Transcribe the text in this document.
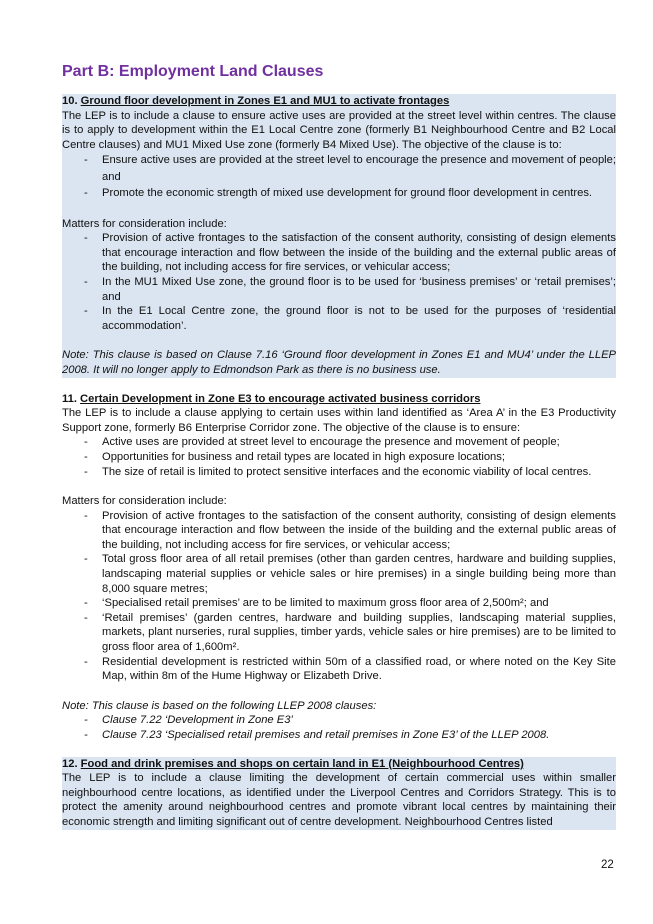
Part B: Employment Land Clauses
10. Ground floor development in Zones E1 and MU1 to activate frontages

The LEP is to include a clause to ensure active uses are provided at the street level within centres. The clause is to apply to development within the E1 Local Centre zone (formerly B1 Neighbourhood Centre and B2 Local Centre clauses) and MU1 Mixed Use zone (formerly B4 Mixed Use). The objective of the clause is to:

- Ensure active uses are provided at the street level to encourage the presence and movement of people; and
- Promote the economic strength of mixed use development for ground floor development in centres.

Matters for consideration include:

- Provision of active frontages to the satisfaction of the consent authority, consisting of design elements that encourage interaction and flow between the inside of the building and the external public areas of the building, not including access for fire services, or vehicular access;
- In the MU1 Mixed Use zone, the ground floor is to be used for ‘business premises’ or ‘retail premises’; and
- In the E1 Local Centre zone, the ground floor is not to be used for the purposes of ‘residential accommodation’.

Note: This clause is based on Clause 7.16 ‘Ground floor development in Zones E1 and MU4’ under the LLEP 2008. It will no longer apply to Edmondson Park as there is no business use.

11. Certain Development in Zone E3 to encourage activated business corridors

The LEP is to include a clause applying to certain uses within land identified as ‘Area A’ in the E3 Productivity Support zone, formerly B6 Enterprise Corridor zone. The objective of the clause is to ensure:

- Active uses are provided at street level to encourage the presence and movement of people;
- Opportunities for business and retail types are located in high exposure locations;
- The size of retail is limited to protect sensitive interfaces and the economic viability of local centres.

Matters for consideration include:

- Provision of active frontages to the satisfaction of the consent authority, consisting of design elements that encourage interaction and flow between the inside of the building and the external public areas of the building, not including access for fire services, or vehicular access;
- Total gross floor area of all retail premises (other than garden centres, hardware and building supplies, landscaping material supplies or vehicle sales or hire premises) in a single building being more than 8,000 square metres;
- ‘Specialised retail premises’ are to be limited to maximum gross floor area of 2,500m²; and
- ‘Retail premises’ (garden centres, hardware and building supplies, landscaping material supplies, markets, plant nurseries, rural supplies, timber yards, vehicle sales or hire premises) are to be limited to gross floor area of 1,600m².
- Residential development is restricted within 50m of a classified road, or where noted on the Key Site Map, within 8m of the Hume Highway or Elizabeth Drive.

Note: This clause is based on the following LLEP 2008 clauses:

- Clause 7.22 ‘Development in Zone E3’
- Clause 7.23 ‘Specialised retail premises and retail premises in Zone E3’ of the LLEP 2008.
12. Food and drink premises and shops on certain land in E1 (Neighbourhood Centres)

The LEP is to include a clause limiting the development of certain commercial uses within smaller neighbourhood centre locations, as identified under the Liverpool Centres and Corridors Strategy. This is to protect the amenity around neighbourhood centres and promote vibrant local centres by maintaining their economic strength and limiting significant out of centre development. Neighbourhood Centres listed

22
